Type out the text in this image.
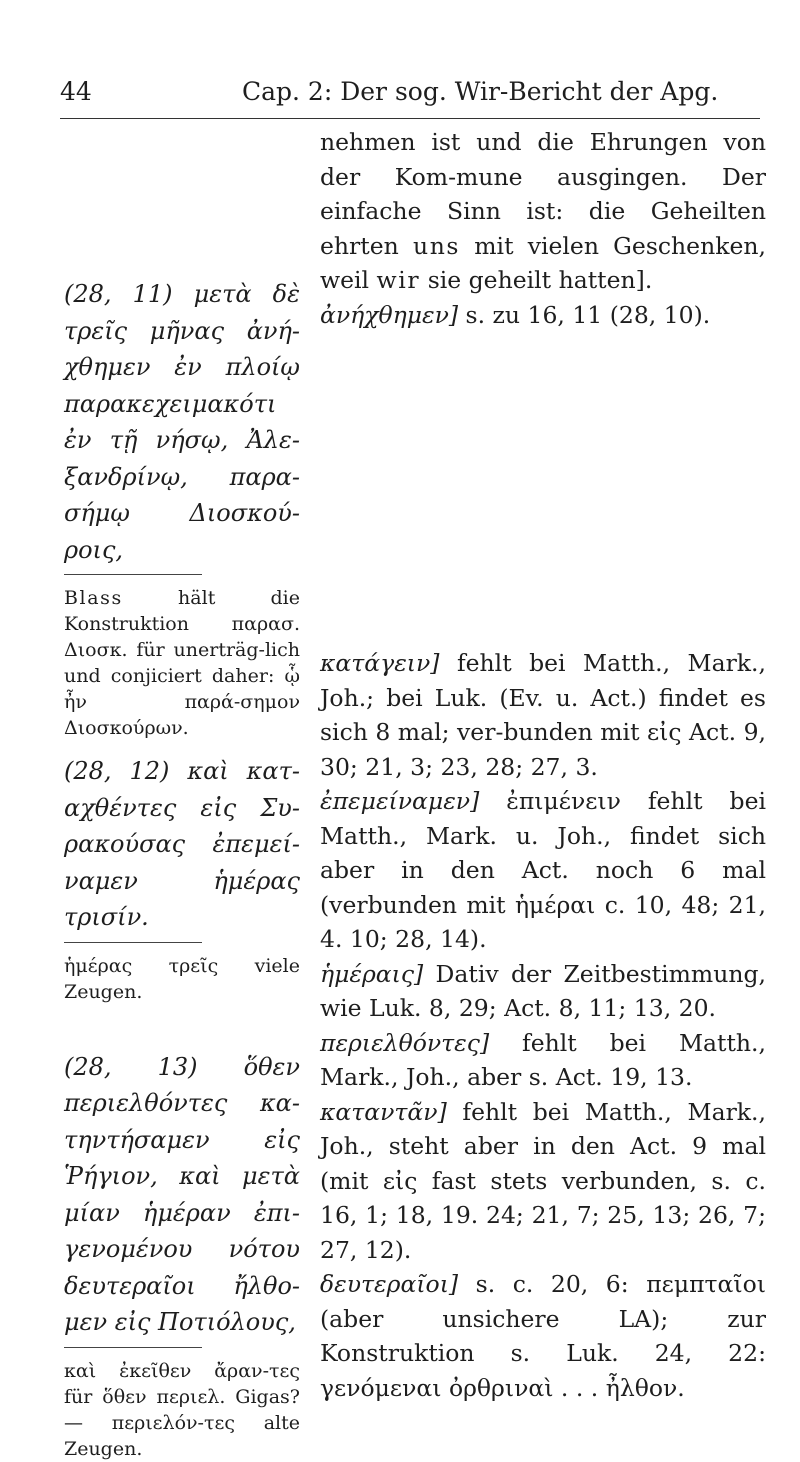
44	Cap. 2: Der sog. Wir-Bericht der Apg.

(28, 11) μετὰ δὲ τρεῖς μῆνας ἀνή-χθημεν ἐν πλοίῳ παρακεχειμακότι ἐν τῇ νήσῳ, Ἀλε-ξανδρίνῳ, παρα-σήμῳ Διοσκού-ροις,

Blass hält die Konstruktion παρασ. Διοσκ. für unerträg-lich und conjiciert daher: ᾧ ἦν παρά-σημον Διοσκούρων.

(28, 12) καὶ κατ-αχθέντες εἰς Συ-ρακούσας ἐπεμεί-ναμεν ἡμέρας τρισίν.

ἡμέρας τρεῖς viele Zeugen.

(28, 13) ὅθεν περιελθόντες κα-τηντήσαμεν εἰς Ῥήγιον, καὶ μετὰ μίαν ἡμέραν ἐπι-γενομένου νότου δευτεραῖοι ἤλθο-μεν εἰς Ποτιόλους,

καὶ ἐκεῖθεν ἄραν-τες für ὅθεν περιελ. Gigas? — περιελόν-τες alte Zeugen.

nehmen ist und die Ehrungen von der Kom-mune ausgingen. Der einfache Sinn ist: die Geheilten ehrten uns mit vielen Geschenken, weil wir sie geheilt hatten].

ἀνήχθημεν] s. zu 16, 11 (28, 10).

κατάγειν] fehlt bei Matth., Mark., Joh.; bei Luk. (Ev. u. Act.) findet es sich 8 mal; ver-bunden mit εἰς Act. 9, 30; 21, 3; 23, 28; 27, 3.

ἐπεμείναμεν] ἐπιμένειν fehlt bei Matth., Mark. u. Joh., findet sich aber in den Act. noch 6 mal (verbunden mit ἡμέραι c. 10, 48; 21, 4. 10; 28, 14).

ἡμέραις] Dativ der Zeitbestimmung, wie Luk. 8, 29; Act. 8, 11; 13, 20.

περιελθόντες] fehlt bei Matth., Mark., Joh., aber s. Act. 19, 13.

καταντᾶν] fehlt bei Matth., Mark., Joh., steht aber in den Act. 9 mal (mit εἰς fast stets verbunden, s. c. 16, 1; 18, 19. 24; 21, 7; 25, 13; 26, 7; 27, 12).

δευτεραῖοι] s. c. 20, 6: πεμπταῖοι (aber unsichere LA); zur Konstruktion s. Luk. 24, 22: γενόμεναι ὀρθριναὶ . . . ἦλθον.
